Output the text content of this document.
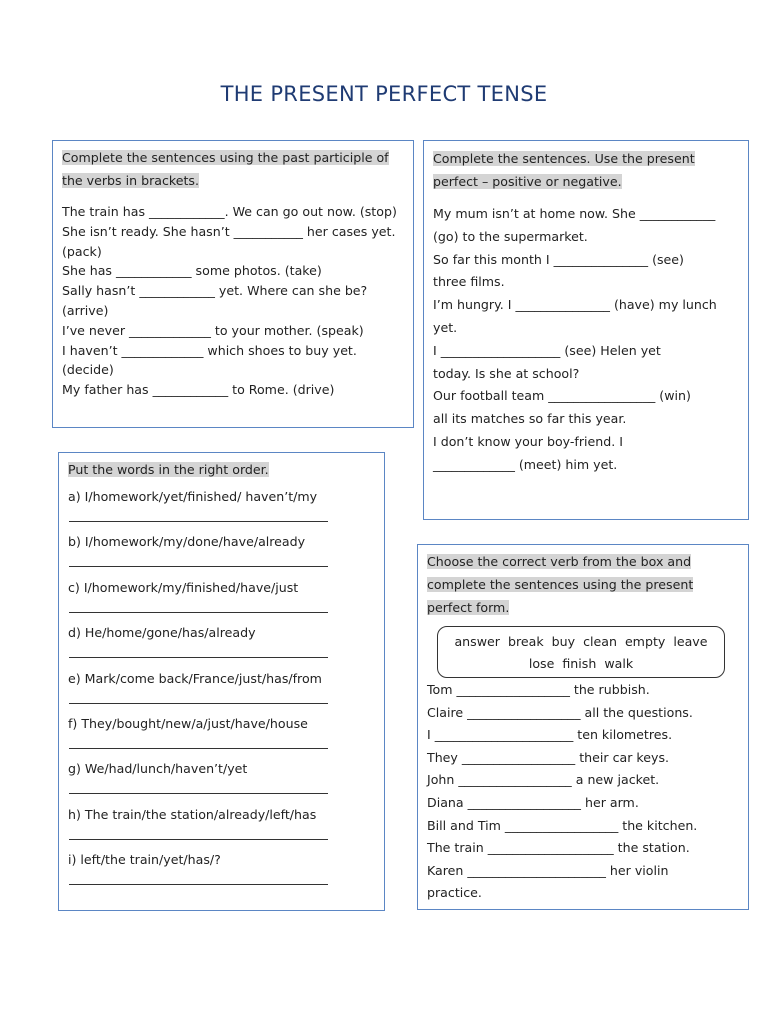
THE PRESENT PERFECT TENSE
Complete the sentences using the past participle of
the verbs in brackets.

The train has ____________. We can go out now. (stop)

She isn’t ready. She hasn’t ___________ her cases yet. (pack)

She has ____________ some photos. (take)

Sally hasn’t ____________ yet. Where can she be? (arrive)

I’ve never _____________ to your mother. (speak)

I haven’t _____________ which shoes to buy yet. (decide)

My father has ____________ to Rome. (drive)

Complete the sentences. Use the present
perfect – positive or negative.
My mum isn’t at home now. She ____________
(go) to the supermarket.
So far this month I _______________ (see)
three films.
I’m hungry. I _______________ (have) my lunch
yet.
I ___________________ (see) Helen yet
today. Is she at school?
Our football team _________________ (win)
all its matches so far this year.
I don’t know your boy-friend. I
_____________ (meet) him yet.
Put the words in the right order.
a) I/homework/yet/finished/ haven’t/my
b) I/homework/my/done/have/already
c) I/homework/my/finished/have/just
d) He/home/gone/has/already
e) Mark/come back/France/just/has/from
f) They/bought/new/a/just/have/house
g) We/had/lunch/haven’t/yet
h) The train/the station/already/left/has
i) left/the train/yet/has/?
Choose the correct verb from the box and
complete the sentences using the present
perfect form.
answer break buy clean empty leave
lose finish walk
Tom __________________ the rubbish.
Claire __________________ all the questions.
I ______________________ ten kilometres.
They __________________ their car keys.
John __________________ a new jacket.
Diana __________________ her arm.
Bill and Tim __________________ the kitchen.
The train ____________________ the station.
Karen ______________________ her violin
practice.
